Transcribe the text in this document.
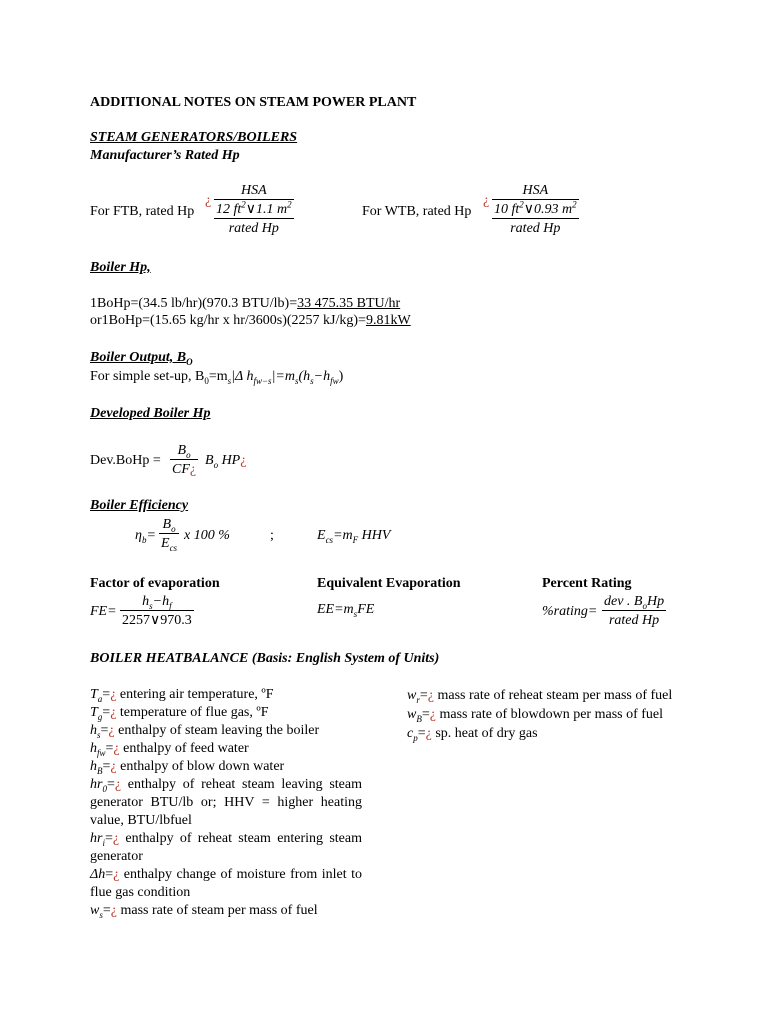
ADDITIONAL NOTES ON STEAM POWER PLANT
STEAM GENERATORS/BOILERS
Manufacturer’s Rated Hp
For FTB, rated Hp
¿
HSA
12 $ft^2\vee 1.1$ $m^2$
rated Hp
For WTB, rated Hp
¿
HSA
10 $ft^2\vee 0.93$ $m^2$
rated Hp
Boiler Hp,
1BoHp=(34.5 lb/hr)(970.3 BTU/lb)=33 475.35 BTU/hr
or1BoHp=(15.65 kg/hr x hr/3600s)(2257 kJ/kg)=9.81kW
Boiler Output, $B_O$
For simple set-up, $B_0=m_s|\Delta$ $h_{fw-s}|=m_s(h_s-h_{fw})$
Developed Boiler Hp
Dev.BoHp = $\frac{B_o}{CF¿} B_o$ HP¿
Boiler Efficiency
$\eta_b=$
$B_o$
$E_{cs}$
x 100 %	;	$E_{cs}=m_F$ HHV
Factor of evaporation
$FE= \frac{h_s-h_f}{2257\vee 970.3}$
Equivalent Evaporation
$EE=m_sFE$
Percent Rating
%rating=
dev . $B_oHp$
rated Hp
BOILER HEATBALANCE (Basis: English System of Units)
$T_a=¿$ entering air temperature, ºF
$T_g=¿$ temperature of flue gas, ºF
$h_s=¿$ enthalpy of steam leaving the boiler
$h_{fw}=¿$ enthalpy of feed water
$h_B=¿$ enthalpy of blow down water
$hr_0=¿$ enthalpy of reheat steam leaving steam generator BTU/lb or; HHV = higher heating value, BTU/lbfuel
$hr_i=¿$ enthalpy of reheat steam entering steam generator
Δh=¿ enthalpy change of moisture from inlet to flue gas condition
$w_s=¿$ mass rate of steam per mass of fuel
$w_r=¿$ mass rate of reheat steam per mass of fuel
$w_B=¿$ mass rate of blowdown per mass of fuel
$c_p=¿$ sp. heat of dry gas
